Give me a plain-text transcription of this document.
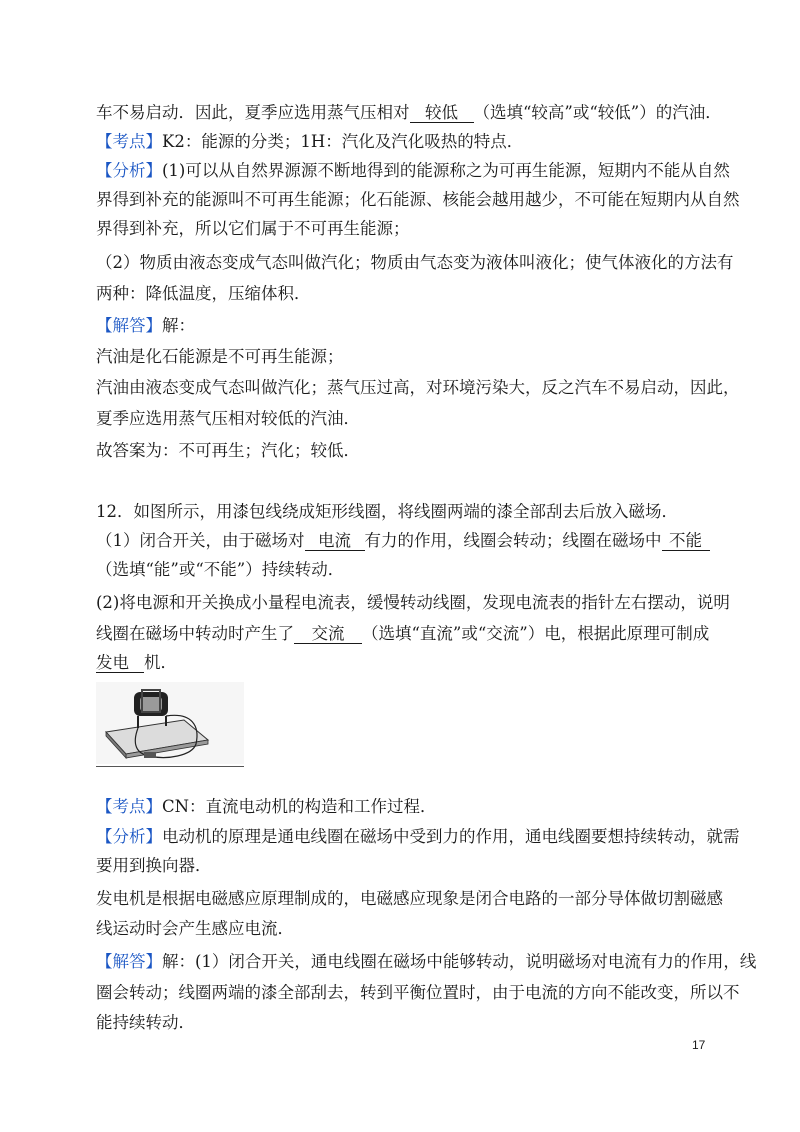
车不易启动．因此，夏季应选用蒸气压相对 较低 （选填“较高”或“较低”）的汽油．
【考点】K2：能源的分类；1H：汽化及汽化吸热的特点．
【分析】(1)可以从自然界源源不断地得到的能源称之为可再生能源，短期内不能从自然
界得到补充的能源叫不可再生能源；化石能源、核能会越用越少，不可能在短期内从自然
界得到补充，所以它们属于不可再生能源；
（2）物质由液态变成气态叫做汽化；物质由气态变为液体叫液化；使气体液化的方法有
两种：降低温度，压缩体积．
【解答】解：
汽油是化石能源是不可再生能源；
汽油由液态变成气态叫做汽化；蒸气压过高，对环境污染大，反之汽车不易启动，因此，
夏季应选用蒸气压相对较低的汽油．
故答案为：不可再生；汽化；较低．
12．如图所示，用漆包线绕成矩形线圈，将线圈两端的漆全部刮去后放入磁场．
（1）闭合开关，由于磁场对 电流 有力的作用，线圈会转动；线圈在磁场中 不能
（选填“能”或“不能”）持续转动．
(2)将电源和开关换成小量程电流表，缓慢转动线圈，发现电流表的指针左右摆动，说明
线圈在磁场中转动时产生了 交流 （选填“直流”或“交流”）电，根据此原理可制成
发电 机．
【考点】CN：直流电动机的构造和工作过程．
【分析】电动机的原理是通电线圈在磁场中受到力的作用，通电线圈要想持续转动，就需
要用到换向器．
发电机是根据电磁感应原理制成的，电磁感应现象是闭合电路的一部分导体做切割磁感
线运动时会产生感应电流．
【解答】解：(1）闭合开关，通电线圈在磁场中能够转动，说明磁场对电流有力的作用，线
圈会转动；线圈两端的漆全部刮去，转到平衡位置时，由于电流的方向不能改变，所以不
能持续转动．
17
